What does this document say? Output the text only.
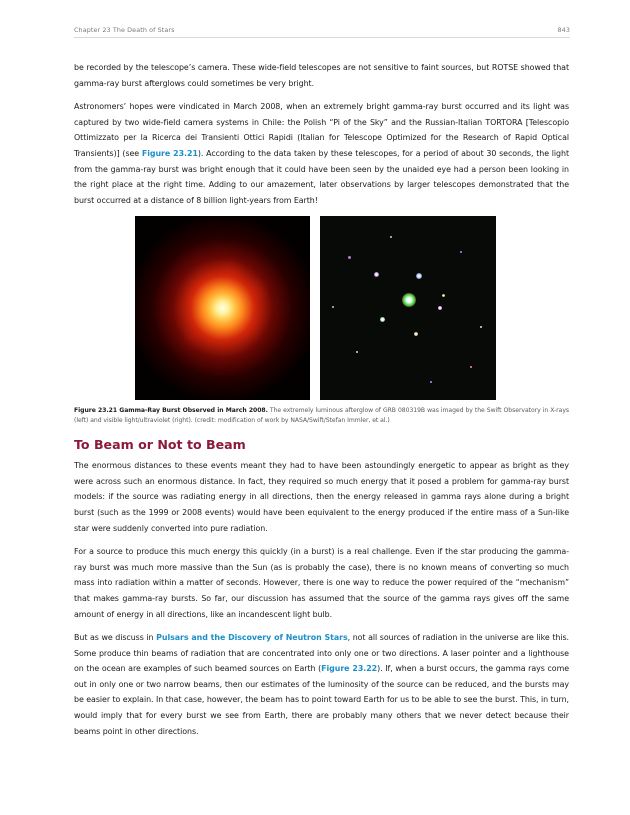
Chapter 23 The Death of Stars	843

be recorded by the telescope’s camera. These wide-field telescopes are not sensitive to faint sources, but ROTSE showed that gamma-ray burst afterglows could sometimes be very bright.

Astronomers’ hopes were vindicated in March 2008, when an extremely bright gamma-ray burst occurred and its light was captured by two wide-field camera systems in Chile: the Polish “Pi of the Sky” and the Russian-Italian TORTORA [Telescopio Ottimizzato per la Ricerca dei Transienti Ottici Rapidi (Italian for Telescope Optimized for the Research of Rapid Optical Transients)] (see Figure 23.21). According to the data taken by these telescopes, for a period of about 30 seconds, the light from the gamma-ray burst was bright enough that it could have been seen by the unaided eye had a person been looking in the right place at the right time. Adding to our amazement, later observations by larger telescopes demonstrated that the burst occurred at a distance of 8 billion light-years from Earth!

Figure 23.21 Gamma-Ray Burst Observed in March 2008. The extremely luminous afterglow of GRB 080319B was imaged by the Swift Observatory in X-rays (left) and visible light/ultraviolet (right). (credit: modification of work by NASA/Swift/Stefan Immler, et al.)

To Beam or Not to Beam

The enormous distances to these events meant they had to have been astoundingly energetic to appear as bright as they were across such an enormous distance. In fact, they required so much energy that it posed a problem for gamma-ray burst models: if the source was radiating energy in all directions, then the energy released in gamma rays alone during a bright burst (such as the 1999 or 2008 events) would have been equivalent to the energy produced if the entire mass of a Sun-like star were suddenly converted into pure radiation.

For a source to produce this much energy this quickly (in a burst) is a real challenge. Even if the star producing the gamma-ray burst was much more massive than the Sun (as is probably the case), there is no known means of converting so much mass into radiation within a matter of seconds. However, there is one way to reduce the power required of the “mechanism” that makes gamma-ray bursts. So far, our discussion has assumed that the source of the gamma rays gives off the same amount of energy in all directions, like an incandescent light bulb.

But as we discuss in Pulsars and the Discovery of Neutron Stars, not all sources of radiation in the universe are like this. Some produce thin beams of radiation that are concentrated into only one or two directions. A laser pointer and a lighthouse on the ocean are examples of such beamed sources on Earth (Figure 23.22). If, when a burst occurs, the gamma rays come out in only one or two narrow beams, then our estimates of the luminosity of the source can be reduced, and the bursts may be easier to explain. In that case, however, the beam has to point toward Earth for us to be able to see the burst. This, in turn, would imply that for every burst we see from Earth, there are probably many others that we never detect because their beams point in other directions.
